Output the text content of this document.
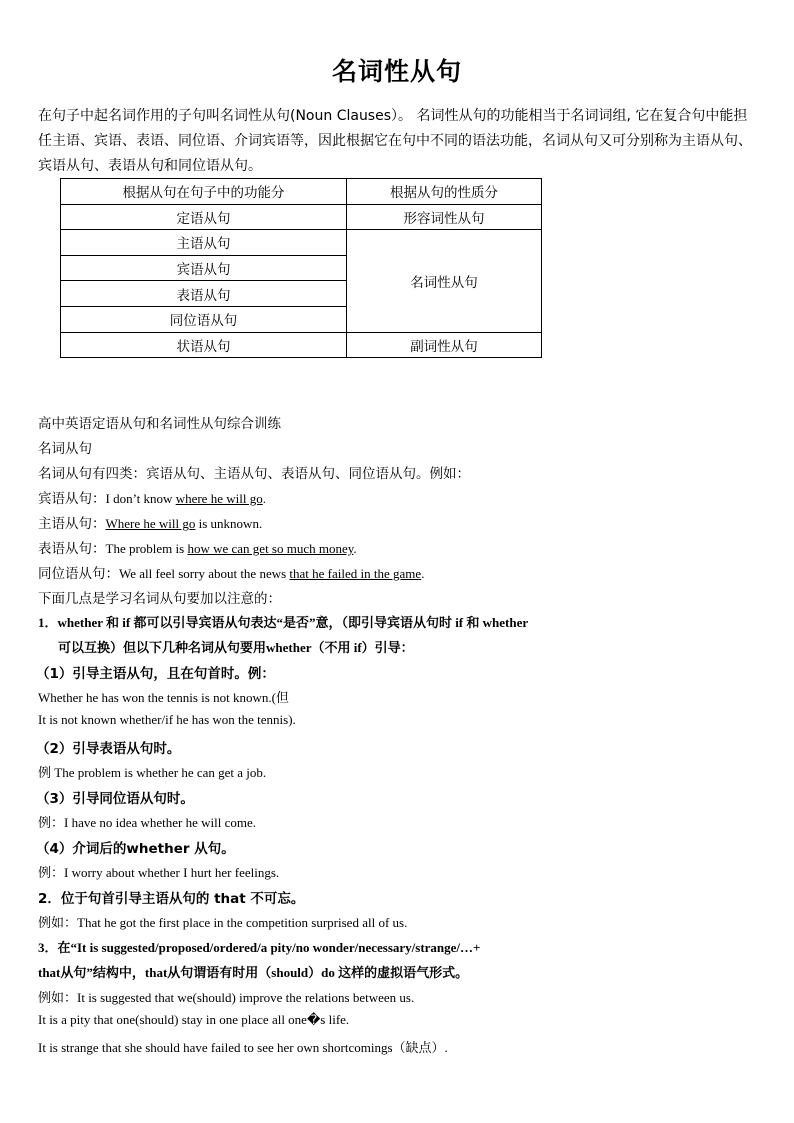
名词性从句

在句子中起名词作用的子句叫名词性从句(Noun Clauses）。 名词性从句的功能相当于名词词组, 它在复合句中能担任主语、宾语、表语、同位语、介词宾语等，因此根据它在句中不同的语法功能，名词从句又可分别称为主语从句、宾语从句、表语从句和同位语从句。

根据从句在句子中的功能分	根据从句的性质分
定语从句	形容词性从句
主语从句	名词性从句
宾语从句	
表语从句	
同位语从句	
状语从句	副词性从句

高中英语定语从句和名词性从句综合训练

名词从句

名词从句有四类：宾语从句、主语从句、表语从句、同位语从句。例如：

宾语从句：I don’t know where he will go.

主语从句：Where he will go is unknown.

表语从句：The problem is how we can get so much money.

同位语从句：We all feel sorry about the news that he failed in the game.

下面几点是学习名词从句要加以注意的：

1．whether 和 if 都可以引导宾语从句表达“是否”意，（即引导宾语从句时 if 和 whether

可以互换）但以下几种名词从句要用whether（不用 if）引导：

（1）引导主语从句，且在句首时。例：

Whether he has won the tennis is not known.(但

It is not known whether/if he has won the tennis).

（2）引导表语从句时。

例 The problem is whether he can get a job.

（3）引导同位语从句时。

例：I have no idea whether he will come.

（4）介词后的whether 从句。

例：I worry about whether I hurt her feelings.

2．位于句首引导主语从句的 that 不可忘。

例如：That he got the first place in the competition surprised all of us.

3．在“It is suggested/proposed/ordered/a pity/no wonder/necessary/strange/…+

that从句”结构中，that从句谓语有时用（should）do 这样的虚拟语气形式。

例如：It is suggested that we(should) improve the relations between us.

It is a pity that one(should) stay in one place all one�s life.

It is strange that she should have failed to see her own shortcomings（缺点）.
